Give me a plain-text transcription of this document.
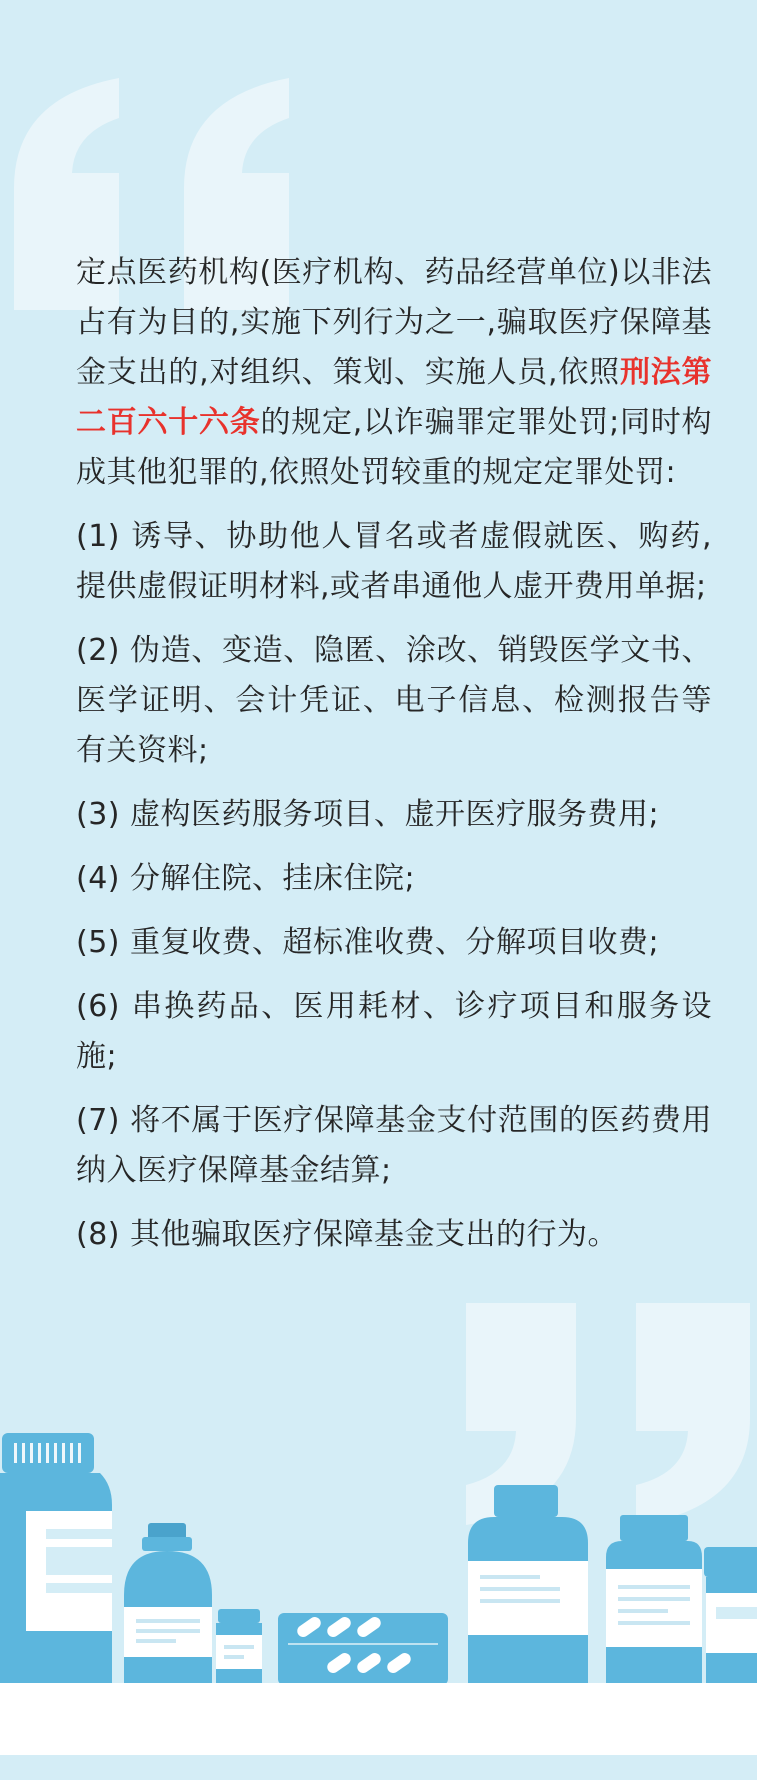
定点医药机构(医疗机构、药品经营单位)以非法占有为目的,实施下列行为之一,骗取医疗保障基金支出的,对组织、策划、实施人员,依照刑法第二百六十六条的规定,以诈骗罪定罪处罚;同时构成其他犯罪的,依照处罚较重的规定定罪处罚:

(1) 诱导、协助他人冒名或者虚假就医、购药,提供虚假证明材料,或者串通他人虚开费用单据;

(2) 伪造、变造、隐匿、涂改、销毁医学文书、医学证明、会计凭证、电子信息、检测报告等有关资料;

(3) 虚构医药服务项目、虚开医疗服务费用;

(4) 分解住院、挂床住院;

(5) 重复收费、超标准收费、分解项目收费;

(6) 串换药品、医用耗材、诊疗项目和服务设施;

(7) 将不属于医疗保障基金支付范围的医药费用纳入医疗保障基金结算;

(8) 其他骗取医疗保障基金支出的行为。
